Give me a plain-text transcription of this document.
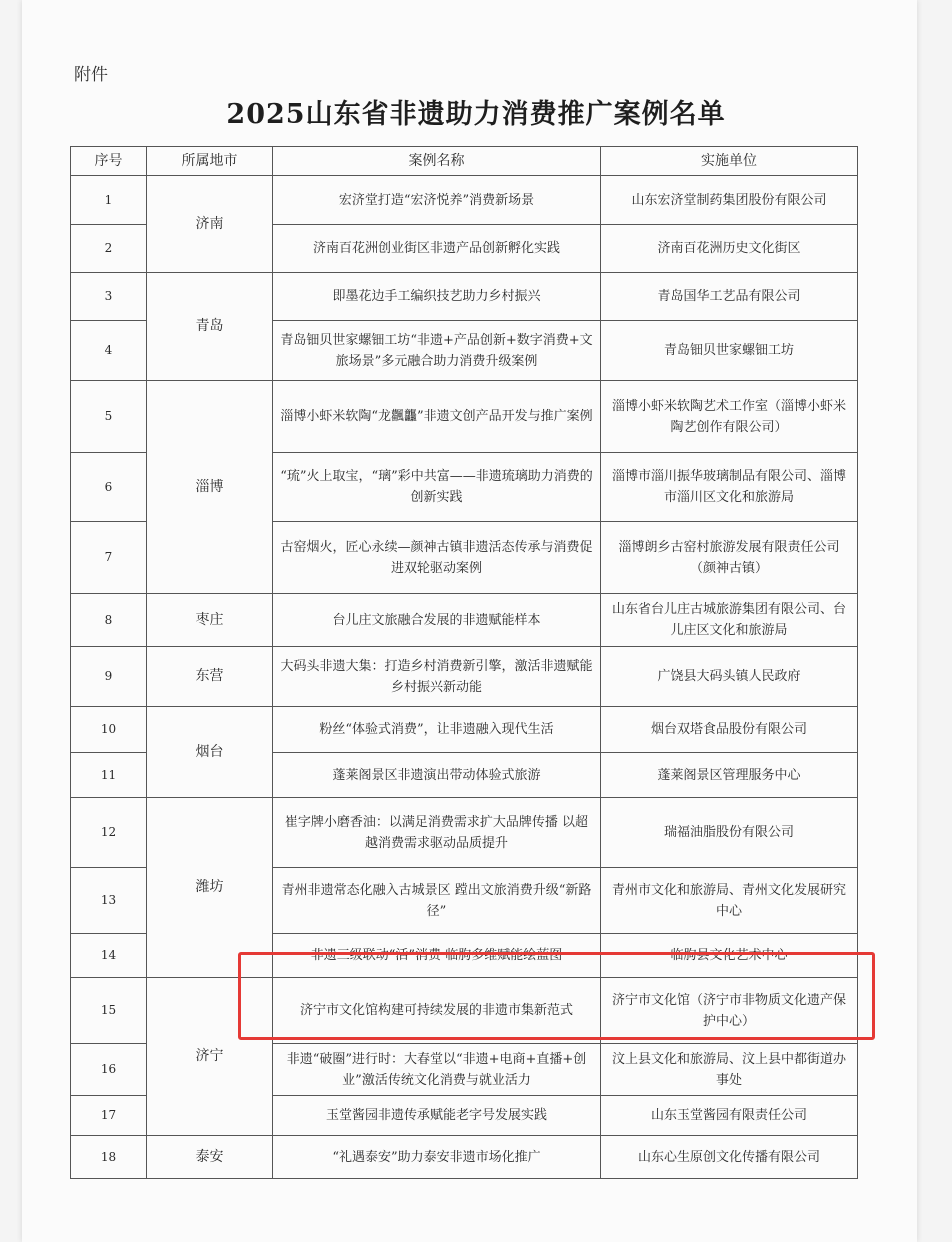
附件
2025山东省非遗助力消费推广案例名单
序号	所属地市	案例名称	实施单位
1	济南	宏济堂打造“宏济悦养”消费新场景	山东宏济堂制药集团股份有限公司
2		济南百花洲创业街区非遗产品创新孵化实践	济南百花洲历史文化街区
3	青岛	即墨花边手工编织技艺助力乡村振兴	青岛国华工艺品有限公司
4		青岛钿贝世家螺钿工坊“非遗+产品创新+数字消费+文旅场景”多元融合助力消费升级案例	青岛钿贝世家螺钿工坊
5	淄博	淄博小虾米软陶“龙飌龘”非遗文创产品开发与推广案例	淄博小虾米软陶艺术工作室（淄博小虾米陶艺创作有限公司）
6		“琉”火上取宝，“璃”彩中共富——非遗琉璃助力消费的创新实践	淄博市淄川振华玻璃制品有限公司、淄博市淄川区文化和旅游局
7		古窑烟火，匠心永续—颜神古镇非遗活态传承与消费促进双轮驱动案例	淄博朗乡古窑村旅游发展有限责任公司（颜神古镇）
8	枣庄	台儿庄文旅融合发展的非遗赋能样本	山东省台儿庄古城旅游集团有限公司、台儿庄区文化和旅游局
9	东营	大码头非遗大集：打造乡村消费新引擎，激活非遗赋能乡村振兴新动能	广饶县大码头镇人民政府
10	烟台	粉丝“体验式消费”，让非遗融入现代生活	烟台双塔食品股份有限公司
11		蓬莱阁景区非遗演出带动体验式旅游	蓬莱阁景区管理服务中心
12	潍坊	崔字牌小磨香油：以满足消费需求扩大品牌传播 以超越消费需求驱动品质提升	瑞福油脂股份有限公司
13		青州非遗常态化融入古城景区 蹚出文旅消费升级“新路径”	青州市文化和旅游局、青州文化发展研究中心
14		非遗三级联动“活”消费 临朐多维赋能绘蓝图	临朐县文化艺术中心
15	济宁	济宁市文化馆构建可持续发展的非遗市集新范式	济宁市文化馆（济宁市非物质文化遗产保护中心）
16		非遗“破圈”进行时：大春堂以“非遗+电商+直播+创业”激活传统文化消费与就业活力	汶上县文化和旅游局、汶上县中都街道办事处
17		玉堂酱园非遗传承赋能老字号发展实践	山东玉堂酱园有限责任公司
18	泰安	“礼遇泰安”助力泰安非遗市场化推广	山东心生原创文化传播有限公司
